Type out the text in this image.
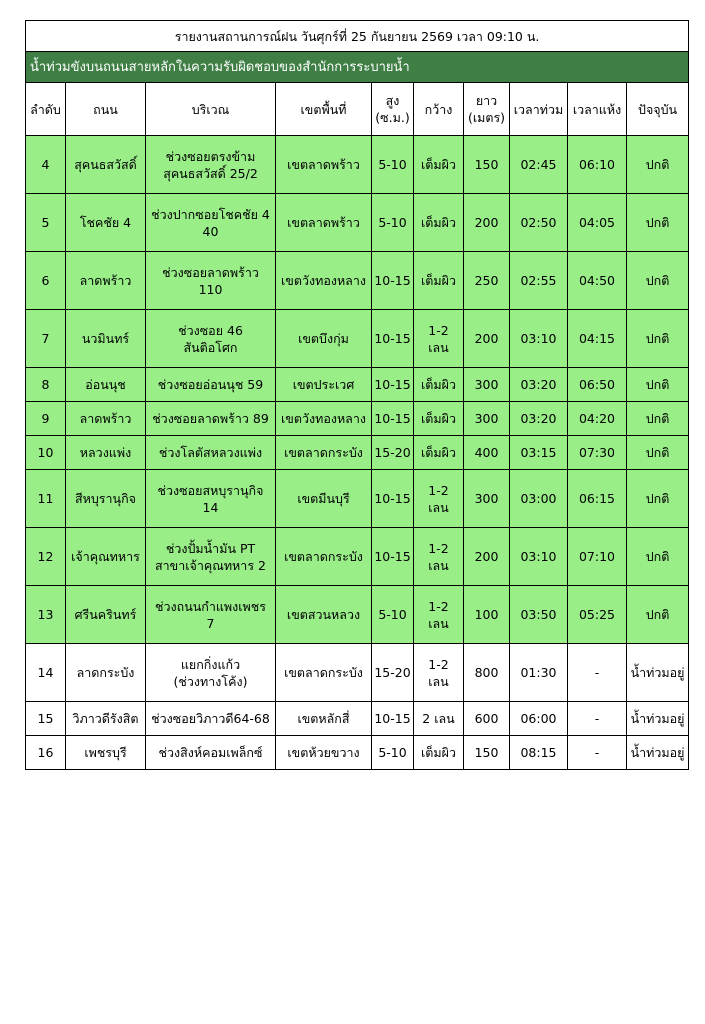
รายงานสถานการณ์ฝน วันศุกร์ที่ 25 กันยายน 2569 เวลา 09:10 น.									
น้ำท่วมขังบนถนนสายหลักในความรับผิดชอบของสำนักการระบายน้ำ									

ลำดับ	ถนน	บริเวณ	เขตพื้นที่	สูง
(ซ.ม.)	กว้าง	ยาว
(เมตร)	เวลาท่วม	เวลาแห้ง	ปัจจุบัน

4	สุคนธสวัสดิ์	ช่วงซอยตรงข้าม
สุคนธสวัสดิ์ 25/2	เขตลาดพร้าว	5-10	เต็มผิว	150	02:45	06:10	ปกติ

5	โชคชัย 4	ช่วงปากซอยโชคชัย 4
40	เขตลาดพร้าว	5-10	เต็มผิว	200	02:50	04:05	ปกติ

6	ลาดพร้าว	ช่วงซอยลาดพร้าว
110	เขตวังทองหลาง	10-15	เต็มผิว	250	02:55	04:50	ปกติ

7	นวมินทร์	ช่วงซอย 46
สันติอโศก	เขตบึงกุ่ม	10-15	1-2
เลน	200	03:10	04:15	ปกติ

8	อ่อนนุช	ช่วงซอยอ่อนนุช 59	เขตประเวศ	10-15	เต็มผิว	300	03:20	06:50	ปกติ

9	ลาดพร้าว	ช่วงซอยลาดพร้าว 89	เขตวังทองหลาง	10-15	เต็มผิว	300	03:20	04:20	ปกติ

10	หลวงแพ่ง	ช่วงโลตัสหลวงแพ่ง	เขตลาดกระบัง	15-20	เต็มผิว	400	03:15	07:30	ปกติ

11	สีหบุรานุกิจ	ช่วงซอยสหบุรานุกิจ
14	เขตมีนบุรี	10-15	1-2
เลน	300	03:00	06:15	ปกติ

12	เจ้าคุณทหาร	ช่วงปั้มน้ำมัน PT
สาขาเจ้าคุณทหาร 2	เขตลาดกระบัง	10-15	1-2
เลน	200	03:10	07:10	ปกติ

13	ศรีนครินทร์	ช่วงถนนกำแพงเพชร
7	เขตสวนหลวง	5-10	1-2
เลน	100	03:50	05:25	ปกติ

14	ลาดกระบัง	แยกกิ่งแก้ว
(ช่วงทางโค้ง)	เขตลาดกระบัง	15-20	1-2
เลน	800	01:30	-	น้ำท่วมอยู่

15	วิภาวดีรังสิต	ช่วงซอยวิภาวดี64-68	เขตหลักสี่	10-15	2 เลน	600	06:00	-	น้ำท่วมอยู่

16	เพชรบุรี	ช่วงสิงห์คอมเพล็กซ์	เขตห้วยขวาง	5-10	เต็มผิว	150	08:15	-	น้ำท่วมอยู่
